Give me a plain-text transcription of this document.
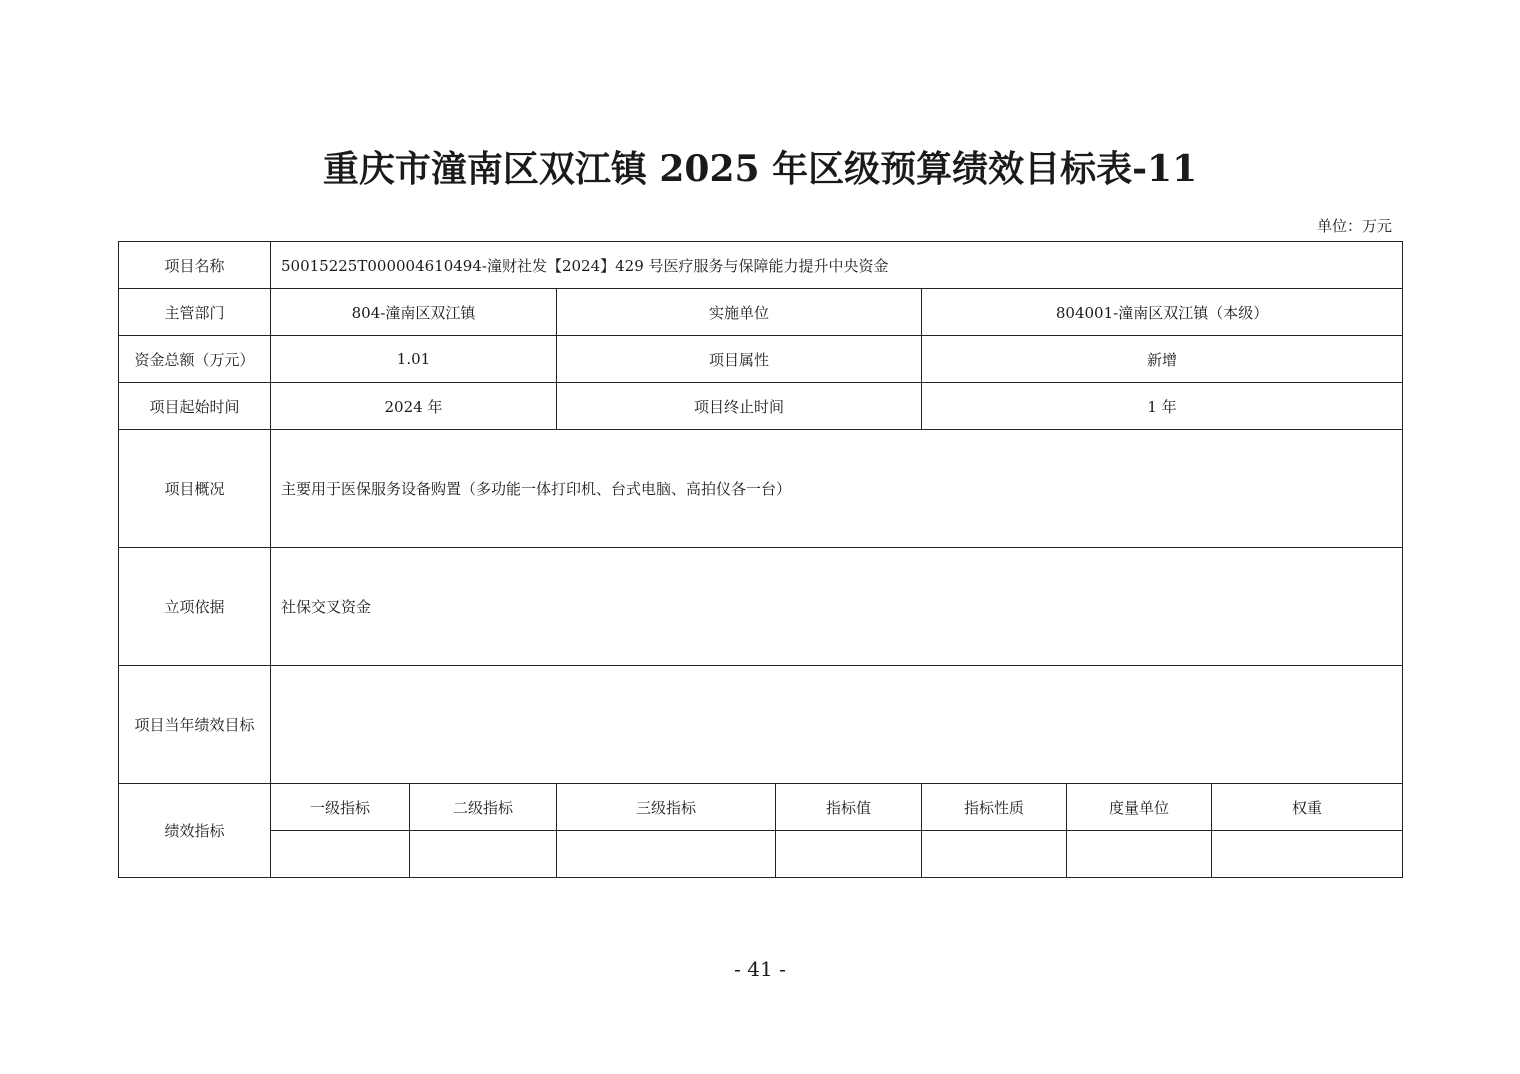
重庆市潼南区双江镇 2025 年区级预算绩效目标表-11
单位：万元
项目名称	50015225T000004610494-潼财社发【2024】429 号医疗服务与保障能力提升中央资金						
主管部门	804-潼南区双江镇		实施单位		804001-潼南区双江镇（本级）		
资金总额（万元）	1.01		项目属性		新增		
项目起始时间	2024 年		项目终止时间		1 年		
项目概况	主要用于医保服务设备购置（多功能一体打印机、台式电脑、高拍仪各一台）						
立项依据	社保交叉资金						
项目当年绩效目标							
绩效指标	一级指标	二级指标	三级指标	指标值	指标性质	度量单位	权重

- 41 -
